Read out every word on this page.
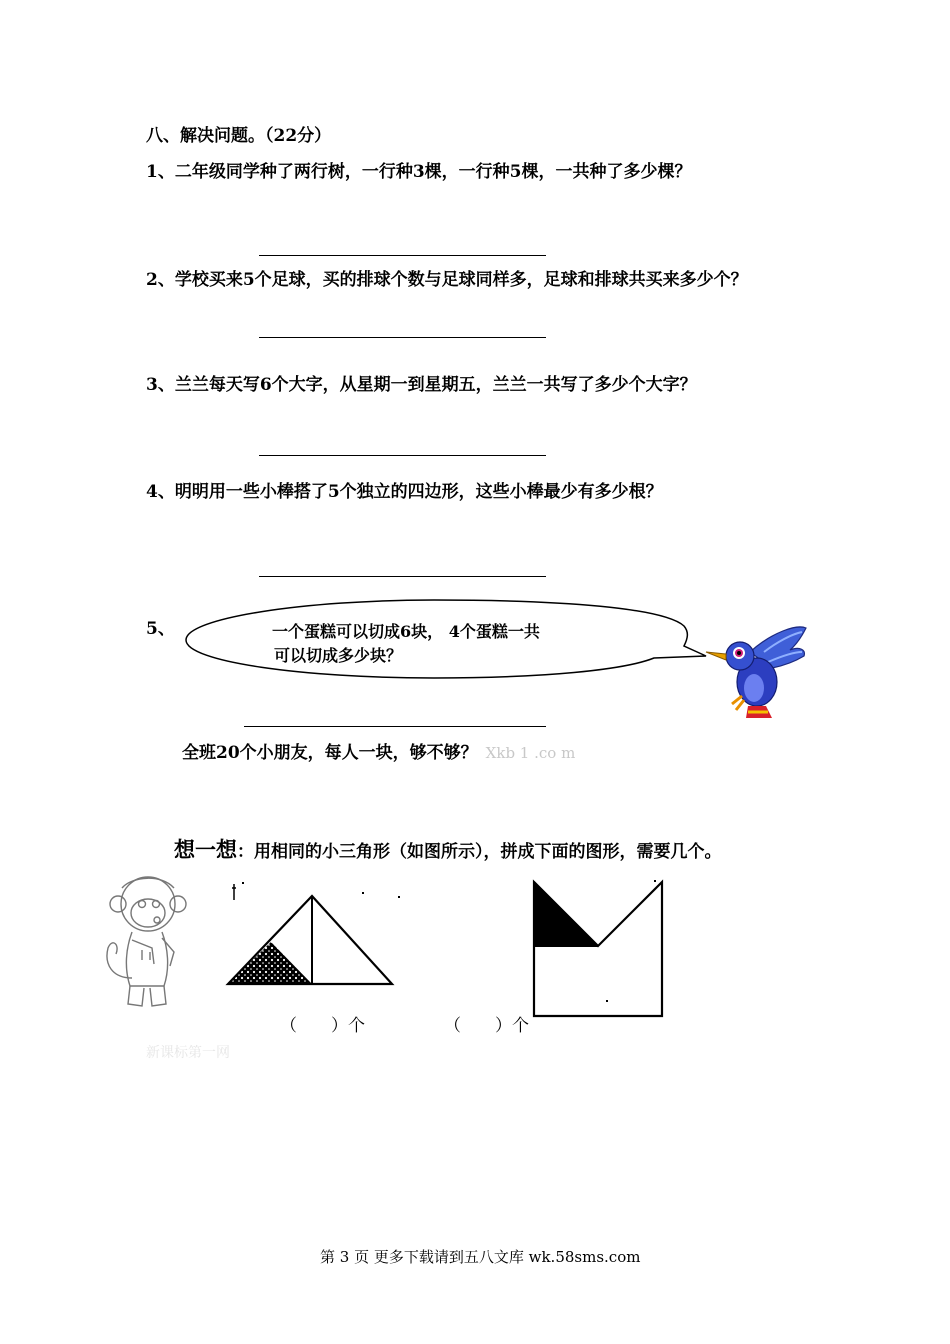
八、解决问题。（22分）
1、二年级同学种了两行树，一行种3棵，一行种5棵，一共种了多少棵？
2、学校买来5个足球，买的排球个数与足球同样多，足球和排球共买来多少个？
3、兰兰每天写6个大字，从星期一到星期五，兰兰一共写了多少个大字？
4、明明用一些小棒搭了5个独立的四边形，这些小棒最少有多少根？
5、	一个蛋糕可以切成6块， 4个蛋糕一共
可以切成多少块？
全班20个小朋友，每人一块，够不够？ Xkb 1 .co m
想一想：用相同的小三角形（如图所示），拼成下面的图形，需要几个。
新课标第一网
（　　）个	（　　）个
第 3 页 更多下载请到五八文库 wk.58sms.com
